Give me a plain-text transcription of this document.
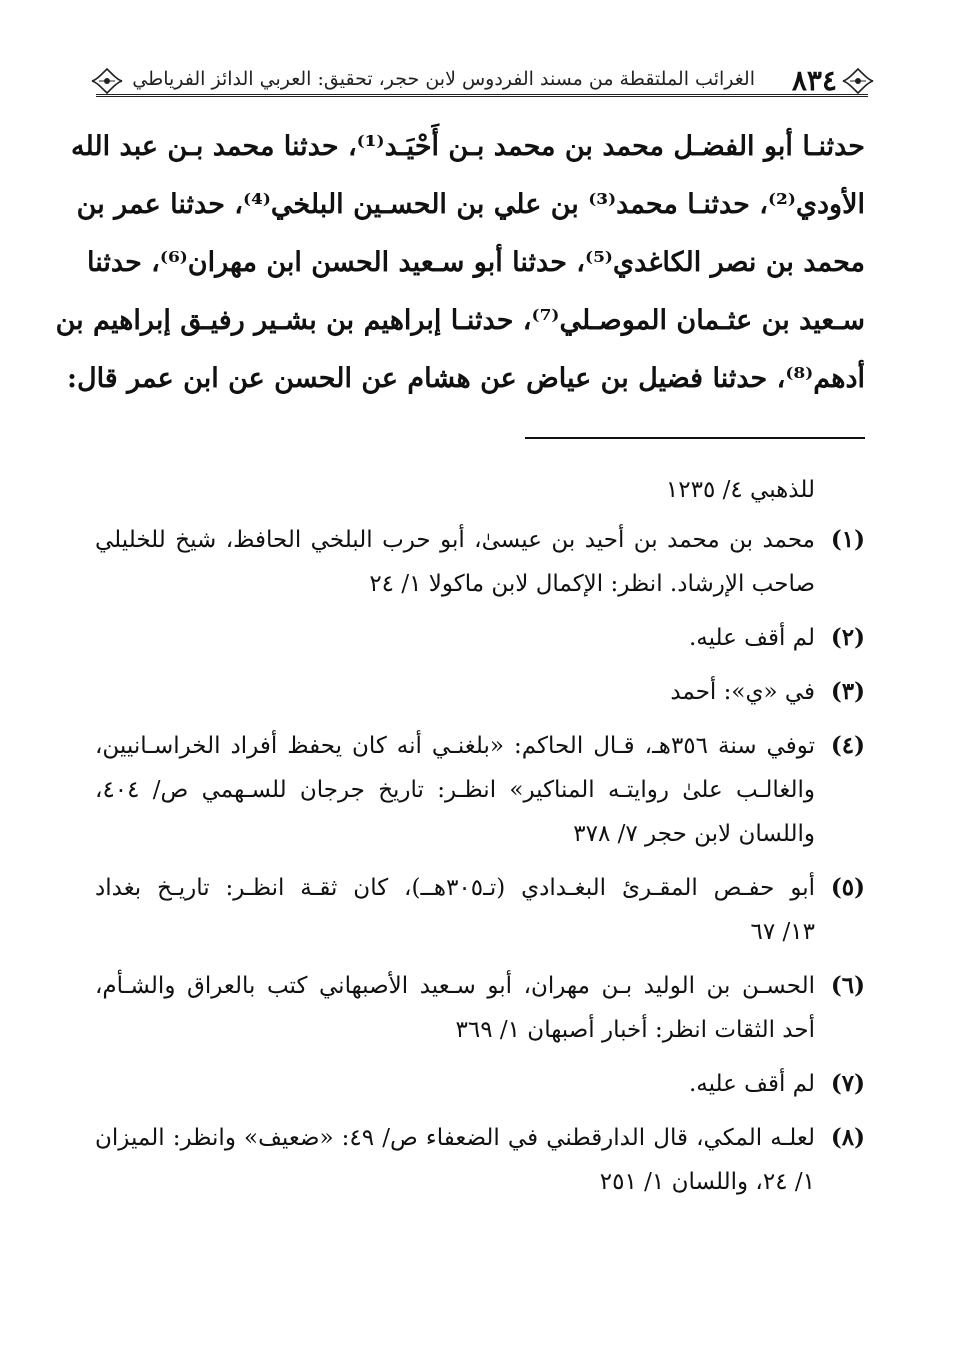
٨٣٤
الغرائب الملتقطة من مسند الفردوس لابن حجر، تحقيق: العربي الدائز الفرياطي
حدثنـا أبو الفضـل محمد بن محمد بـن أَحْيَـد⁽¹⁾، حدثنا محمد بـن عبد الله
الأودي⁽²⁾، حدثنـا محمد⁽³⁾ بن علي بن الحسـين البلخي⁽⁴⁾، حدثنا عمر بن
محمد بن نصر الكاغدي⁽⁵⁾، حدثنا أبو سـعيد الحسن ابن مهران⁽⁶⁾، حدثنا
سـعيد بن عثـمان الموصـلي⁽⁷⁾، حدثنـا إبراهيم بن بشـير رفيـق إبراهيم بن
أدهم⁽⁸⁾، حدثنا فضيل بن عياض عن هشام عن الحسن عن ابن عمر قال:
للذهبي ٤/ ١٢٣٥
(١)
محمد بن محمد بن أحيد بن عيسىٰ، أبو حرب البلخي الحافظ، شيخ للخليلي
صاحب الإرشاد. انظر: الإكمال لابن ماكولا ١/ ٢٤
(٢)
لم أقف عليه.
(٣)
في «ي»: أحمد
(٤)
توفي سنة ٣٥٦هـ، قـال الحاكم: «بلغنـي أنه كان يحفظ أفراد الخراسـانيين،
والغالـب علىٰ روايتـه المناكير» انظـر: تاريخ جرجان للسـهمي ص/ ٤٠٤،
واللسان لابن حجر ٧/ ٣٧٨
(٥)
أبو حفـص المقـرئ البغـدادي (تـ٣٠٥هــ)، كان ثقـة انظـر: تاريـخ بغداد
١٣/ ٦٧
(٦)
الحسـن بن الوليد بـن مهران، أبو سـعيد الأصبهاني كتب بالعراق والشـأم،
أحد الثقات انظر: أخبار أصبهان ١/ ٣٦٩
(٧)
لم أقف عليه.
(٨)
لعلـه المكي، قال الدارقطني في الضعفاء ص/ ٤٩: «ضعيف» وانظر: الميزان
١/ ٢٤، واللسان ١/ ٢٥١
